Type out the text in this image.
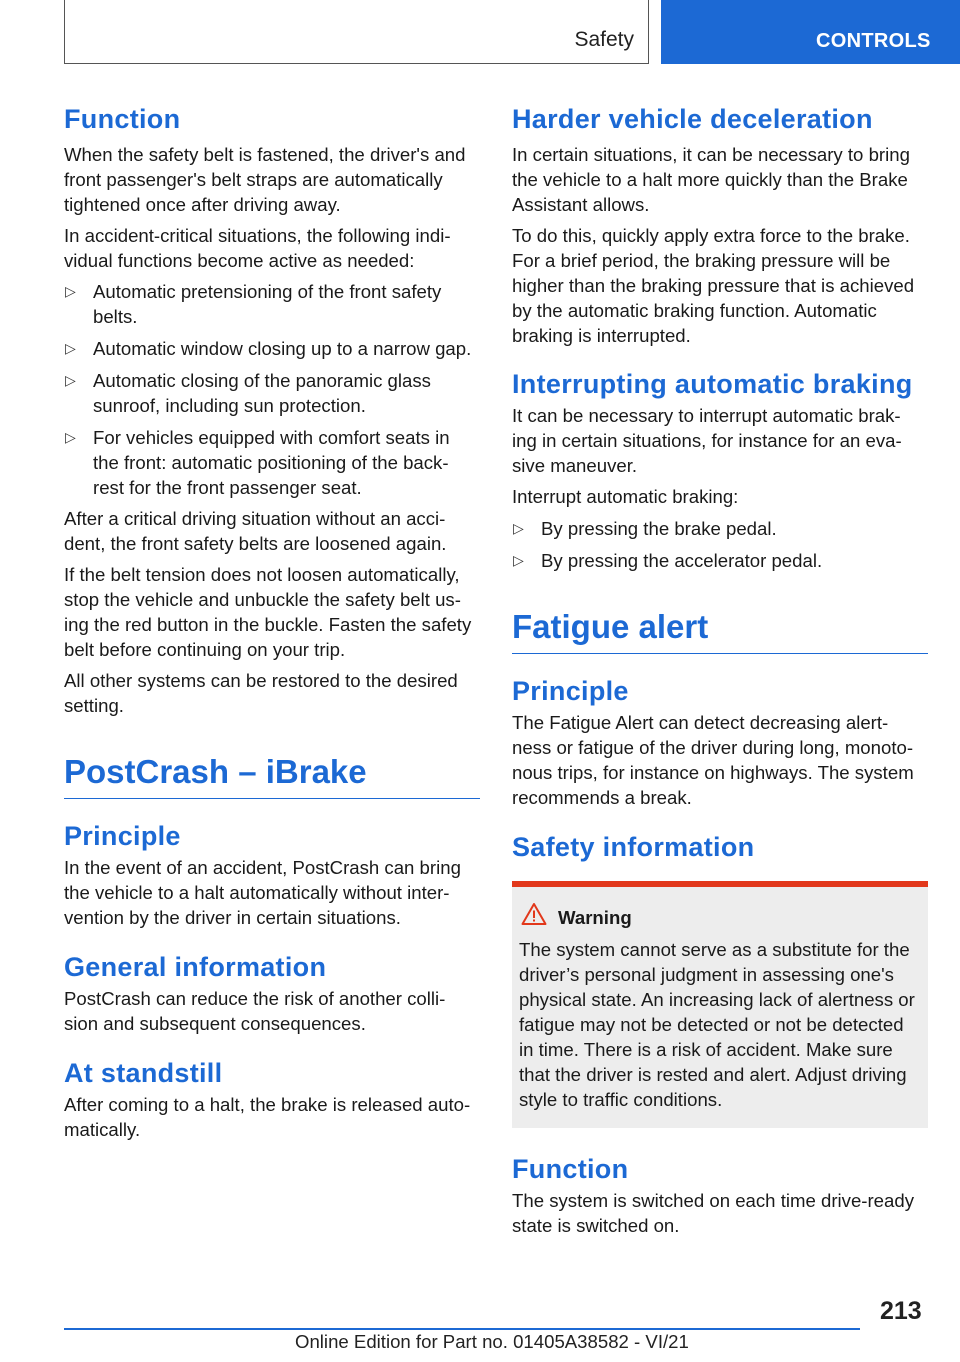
Safety	CONTROLS
Function

When the safety belt is fastened, the driver's and front passenger's belt straps are automatically tightened once after driving away.

In accident-critical situations, the following indi‐ vidual functions become active as needed:

▷ Automatic pretensioning of the front safety belts.
▷ Automatic window closing up to a narrow gap.
▷ Automatic closing of the panoramic glass sunroof, including sun protection.
▷ For vehicles equipped with comfort seats in the front: automatic positioning of the back‐ rest for the front passenger seat.

After a critical driving situation without an acci‐ dent, the front safety belts are loosened again.

If the belt tension does not loosen automatically, stop the vehicle and unbuckle the safety belt us‐ ing the red button in the buckle. Fasten the safety belt before continuing on your trip.

All other systems can be restored to the desired setting.

PostCrash – iBrake
Principle

In the event of an accident, PostCrash can bring the vehicle to a halt automatically without inter‐ vention by the driver in certain situations.

General information

PostCrash can reduce the risk of another colli‐ sion and subsequent consequences.

At standstill

After coming to a halt, the brake is released auto‐ matically.

Harder vehicle deceleration

In certain situations, it can be necessary to bring the vehicle to a halt more quickly than the Brake Assistant allows.

To do this, quickly apply extra force to the brake. For a brief period, the braking pressure will be higher than the braking pressure that is achieved by the automatic braking function. Automatic braking is interrupted.

Interrupting automatic braking

It can be necessary to interrupt automatic brak‐ ing in certain situations, for instance for an eva‐ sive maneuver.

Interrupt automatic braking:

▷ By pressing the brake pedal.
▷ By pressing the accelerator pedal.
Fatigue alert
Principle

The Fatigue Alert can detect decreasing alert‐ ness or fatigue of the driver during long, monoto‐ nous trips, for instance on highways. The system recommends a break.

Safety information
Warning

The system cannot serve as a substitute for the driver’s personal judgment in assessing one's physical state. An increasing lack of alertness or fatigue may not be detected or not be detected in time. There is a risk of accident. Make sure that the driver is rested and alert. Adjust driving style to traffic conditions.

Function

The system is switched on each time drive-ready state is switched on.

213
Online Edition for Part no. 01405A38582 - VI/21
